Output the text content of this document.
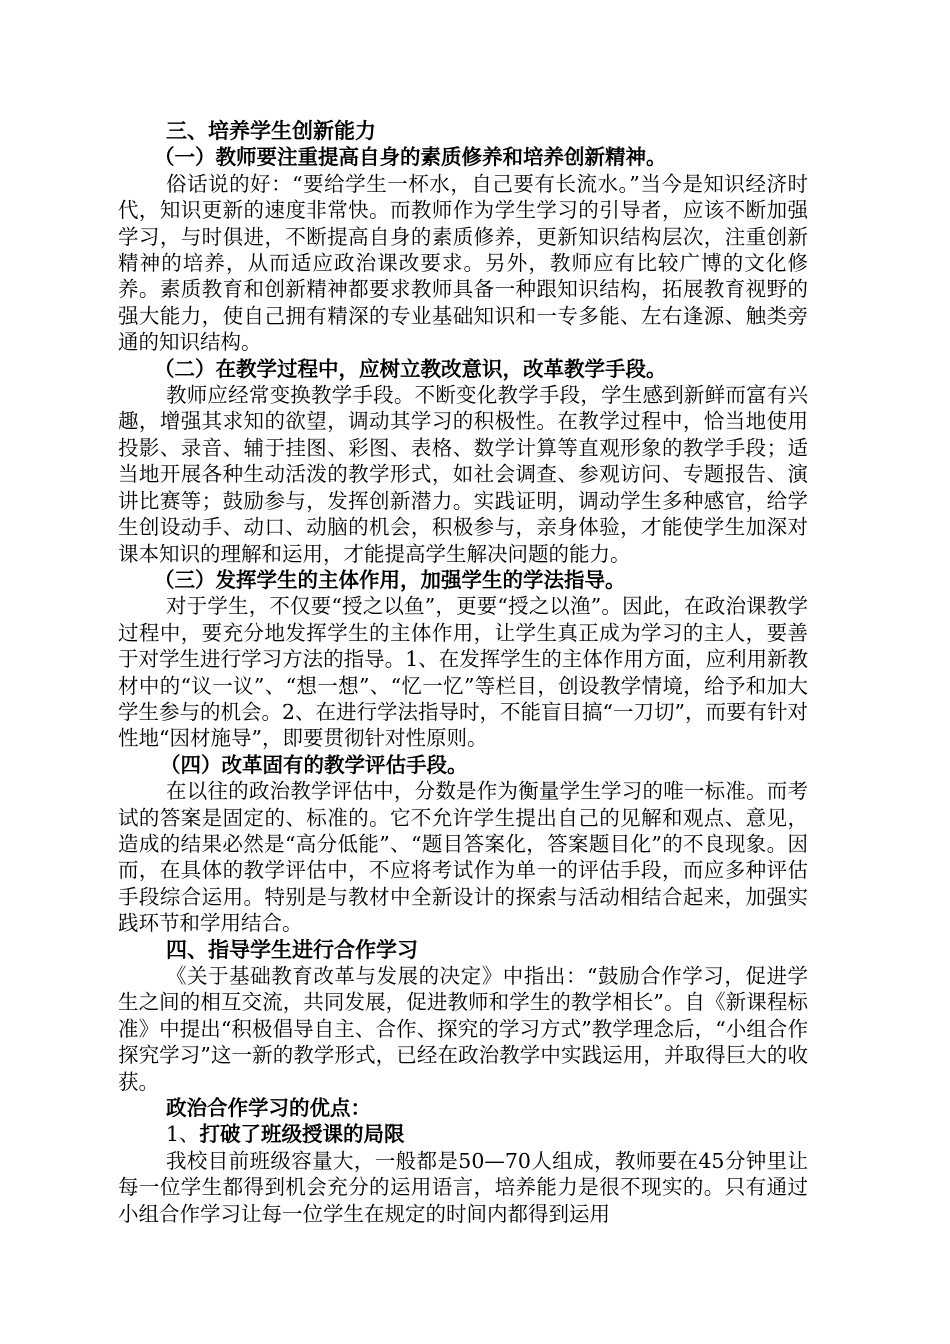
三、培养学生创新能力
（一）教师要注重提高自身的素质修养和培养创新精神。
俗话说的好：“要给学生一杯水，自己要有长流水。”当今是知识经济时代，知识更新的速度非常快。而教师作为学生学习的引导者，应该不断加强学习，与时俱进，不断提高自身的素质修养，更新知识结构层次，注重创新精神的培养，从而适应政治课改要求。另外，教师应有比较广博的文化修养。素质教育和创新精神都要求教师具备一种跟知识结构，拓展教育视野的强大能力，使自己拥有精深的专业基础知识和一专多能、左右逢源、触类旁通的知识结构。
（二）在教学过程中，应树立教改意识，改革教学手段。
教师应经常变换教学手段。不断变化教学手段，学生感到新鲜而富有兴趣，增强其求知的欲望，调动其学习的积极性。在教学过程中，恰当地使用投影、录音、辅于挂图、彩图、表格、数学计算等直观形象的教学手段；适当地开展各种生动活泼的教学形式，如社会调查、参观访问、专题报告、演讲比赛等；鼓励参与，发挥创新潜力。实践证明，调动学生多种感官，给学生创设动手、动口、动脑的机会，积极参与，亲身体验，才能使学生加深对课本知识的理解和运用，才能提高学生解决问题的能力。
（三）发挥学生的主体作用，加强学生的学法指导。
对于学生，不仅要“授之以鱼”，更要“授之以渔”。因此，在政治课教学过程中，要充分地发挥学生的主体作用，让学生真正成为学习的主人，要善于对学生进行学习方法的指导。1、在发挥学生的主体作用方面，应利用新教材中的“议一议”、“想一想”、“忆一忆”等栏目，创设教学情境，给予和加大学生参与的机会。2、在进行学法指导时，不能盲目搞“一刀切”，而要有针对性地“因材施导”，即要贯彻针对性原则。
（四）改革固有的教学评估手段。
在以往的政治教学评估中，分数是作为衡量学生学习的唯一标准。而考试的答案是固定的、标准的。它不允许学生提出自己的见解和观点、意见，造成的结果必然是“高分低能”、“题目答案化，答案题目化”的不良现象。因而，在具体的教学评估中，不应将考试作为单一的评估手段，而应多种评估手段综合运用。特别是与教材中全新设计的探索与活动相结合起来，加强实践环节和学用结合。
四、指导学生进行合作学习
《关于基础教育改革与发展的决定》中指出：“鼓励合作学习，促进学生之间的相互交流，共同发展，促进教师和学生的教学相长”。自《新课程标准》中提出“积极倡导自主、合作、探究的学习方式”教学理念后，“小组合作探究学习”这一新的教学形式，已经在政治教学中实践运用，并取得巨大的收获。
政治合作学习的优点：
1、打破了班级授课的局限
我校目前班级容量大，一般都是50—70人组成，教师要在45分钟里让每一位学生都得到机会充分的运用语言，培养能力是很不现实的。只有通过小组合作学习让每一位学生在规定的时间内都得到运用
